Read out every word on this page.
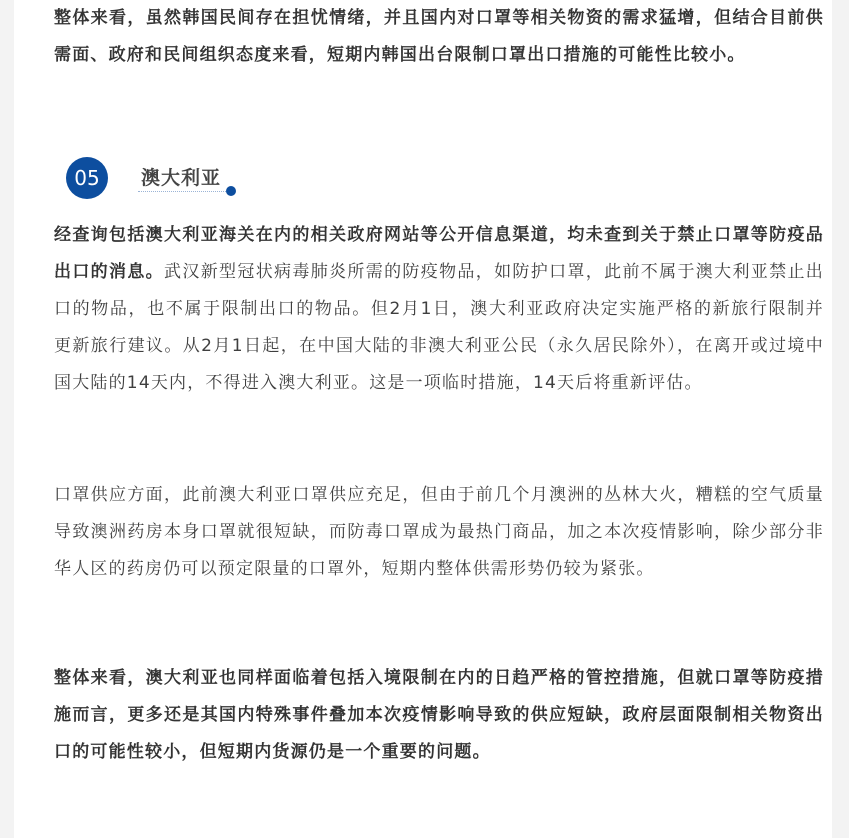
整体来看，虽然韩国民间存在担忧情绪，并且国内对口罩等相关物资的需求猛增，但结合目前供需面、政府和民间组织态度来看，短期内韩国出台限制口罩出口措施的可能性比较小。

05	澳大利亚

经查询包括澳大利亚海关在内的相关政府网站等公开信息渠道，均未查到关于禁止口罩等防疫品出口的消息。武汉新型冠状病毒肺炎所需的防疫物品，如防护口罩，此前不属于澳大利亚禁止出口的物品，也不属于限制出口的物品。但2月1日，澳大利亚政府决定实施严格的新旅行限制并更新旅行建议。从2月1日起，在中国大陆的非澳大利亚公民（永久居民除外），在离开或过境中国大陆的14天内，不得进入澳大利亚。这是一项临时措施，14天后将重新评估。

口罩供应方面，此前澳大利亚口罩供应充足，但由于前几个月澳洲的丛林大火，糟糕的空气质量导致澳洲药房本身口罩就很短缺，而防毒口罩成为最热门商品，加之本次疫情影响，除少部分非华人区的药房仍可以预定限量的口罩外，短期内整体供需形势仍较为紧张。

整体来看，澳大利亚也同样面临着包括入境限制在内的日趋严格的管控措施，但就口罩等防疫措施而言，更多还是其国内特殊事件叠加本次疫情影响导致的供应短缺，政府层面限制相关物资出口的可能性较小，但短期内货源仍是一个重要的问题。
